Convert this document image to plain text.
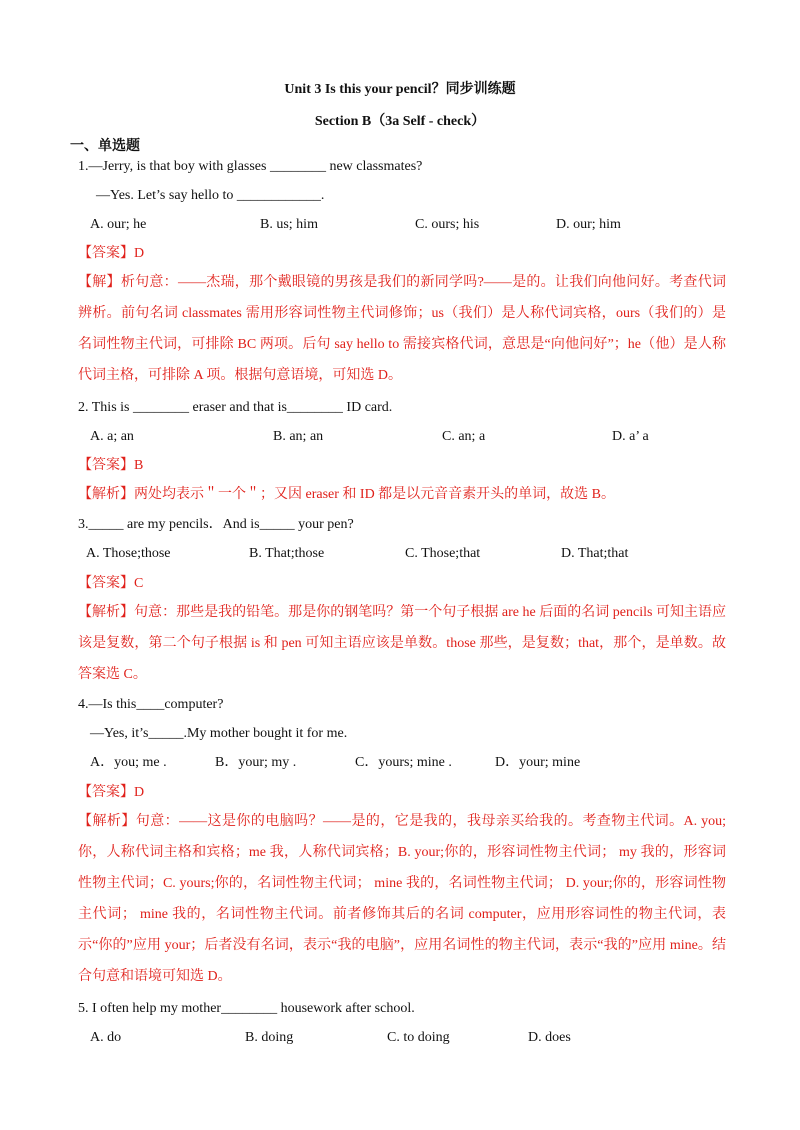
Unit 3 Is this your pencil？同步训练题
Section B（3a Self - check）
一、单选题
1.—Jerry, is that boy with glasses ________ new classmates?
—Yes. Let’s say hello to ____________.
A. our; he	B. us; him	C. ours; his	D. our; him
【答案】D
【解】析句意：——杰瑞，那个戴眼镜的男孩是我们的新同学吗?——是的。让我们向他问好。考查代词辨析。前句名词 classmates 需用形容词性物主代词修饰；us（我们）是人称代词宾格，ours（我们的）是名词性物主代词，可排除 BC 两项。后句 say hello to 需接宾格代词，意思是“向他问好”；he（他）是人称代词主格，可排除 A 项。根据句意语境，可知选 D。
2. This is ________ eraser and that is________ ID card.
A. a; an	B. an; an	C. an; a	D. a’ a
【答案】B
【解析】两处均表示＂一个＂；又因 eraser 和 ID 都是以元音音素开头的单词，故选 B。
3._____ are my pencils．And is_____ your pen?
A. Those;those	B. That;those	C. Those;that	D. That;that
【答案】C
【解析】句意：那些是我的铅笔。那是你的钢笔吗？第一个句子根据 are he 后面的名词 pencils 可知主语应该是复数，第二个句子根据 is 和 pen 可知主语应该是单数。those 那些，是复数；that，那个，是单数。故答案选 C。
4.—Is this____computer?
—Yes, it’s_____.My mother bought it for me.
A．you; me .	B．your; my .	C．yours; mine .	D．your; mine
【答案】D
【解析】句意：——这是你的电脑吗？——是的，它是我的，我母亲买给我的。考查物主代词。A. you; 你，人称代词主格和宾格；me 我，人称代词宾格；B. your;你的，形容词性物主代词； my 我的，形容词性物主代词；C. yours;你的，名词性物主代词； mine 我的，名词性物主代词； D. your;你的，形容词性物主代词； mine 我的，名词性物主代词。前者修饰其后的名词 computer，应用形容词性的物主代词，表示“你的”应用 your；后者没有名词，表示“我的电脑”，应用名词性的物主代词，表示“我的”应用 mine。结合句意和语境可知选 D。
5. I often help my mother________ housework after school.
A. do	B. doing	C. to doing	D. does
